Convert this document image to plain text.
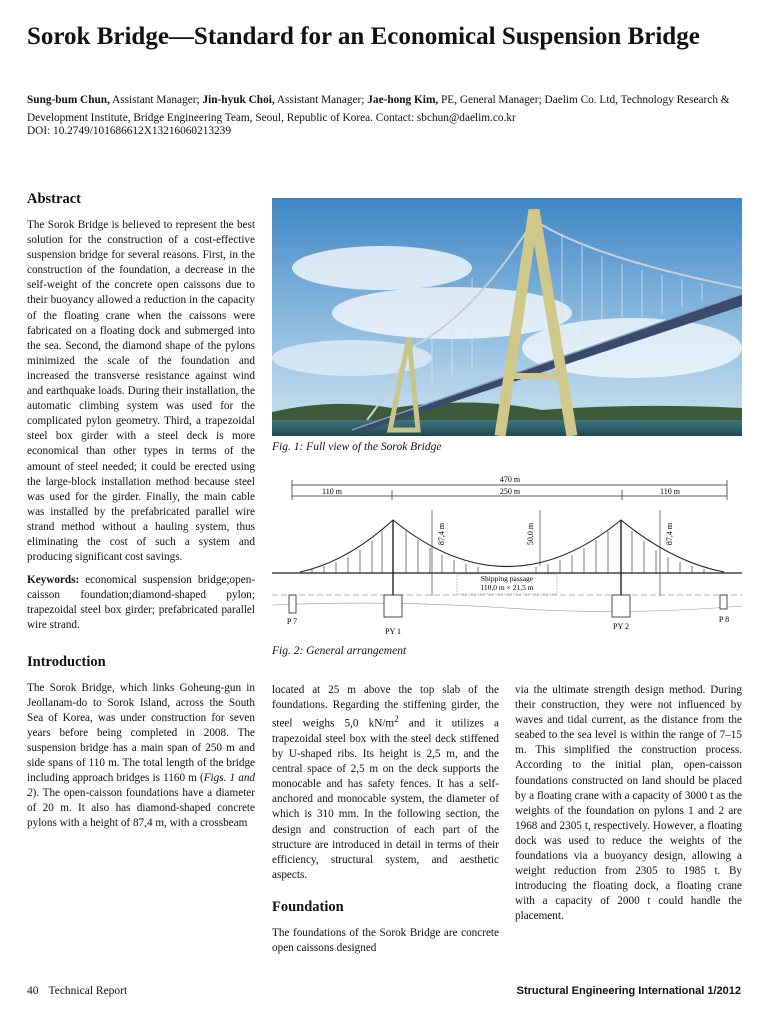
Sorok Bridge—Standard for an Economical Suspension Bridge
Sung-bum Chun, Assistant Manager; Jin-hyuk Choi, Assistant Manager; Jae-hong Kim, PE, General Manager; Daelim Co. Ltd, Technology Research & Development Institute, Bridge Engineering Team, Seoul, Republic of Korea. Contact: sbchun@daelim.co.kr
DOI: 10.2749/101686612X13216060213239
Abstract

The Sorok Bridge is believed to represent the best solution for the construction of a cost-effective suspension bridge for several reasons. First, in the construction of the foundation, a decrease in the self-weight of the concrete open caissons due to their buoyancy allowed a reduction in the capacity of the floating crane when the caissons were fabricated on a floating dock and submerged into the sea. Second, the diamond shape of the pylons minimized the scale of the foundation and increased the transverse resistance against wind and earthquake loads. During their installation, the automatic climbing system was used for the complicated pylon geometry. Third, a trapezoidal steel box girder with a steel deck is more economical than other types in terms of the amount of steel needed; it could be erected using the large-block installation method because steel was used for the girder. Finally, the main cable was installed by the prefabricated parallel wire strand method without a hauling system, thus eliminating the cost of such a system and producing significant cost savings.

Keywords: economical suspension bridge;open-caisson foundation;diamond-shaped pylon; trapezoidal steel box girder; prefabricated parallel wire strand.

Introduction

The Sorok Bridge, which links Goheung-gun in Jeollanam-do to Sorok Island, across the South Sea of Korea, was under construction for seven years before being completed in 2008. The suspension bridge has a main span of 250 m and side spans of 110 m. The total length of the bridge including approach bridges is 1160 m (Figs. 1 and 2). The open-caisson foundations have a diameter of 20 m. It also has diamond-shaped concrete pylons with a height of 87,4 m, with a crossbeam

Fig. 1: Full view of the Sorok Bridge
470 m
110 m	250 m	110 m
87,4 m	50,0 m	87,4 m
Shipping passage
110,0 m × 21,5 m
P 7
PY 1
PY 2
P 8
Fig. 2: General arrangement

located at 25 m above the top slab of the foundations. Regarding the stiffening girder, the steel weighs 5,0 $kN/m^2$ and it utilizes a trapezoidal steel box with the steel deck stiffened by U-shaped ribs. Its height is 2,5 m, and the central space of 2,5 m on the deck supports the monocable and has safety fences. It has a self-anchored and monocable system, the diameter of which is 310 mm. In the following section, the design and construction of each part of the structure are introduced in detail in terms of their efficiency, structural system, and aesthetic aspects.

Foundation

The foundations of the Sorok Bridge are concrete open caissons designed

via the ultimate strength design method. During their construction, they were not influenced by waves and tidal current, as the distance from the seabed to the sea level is within the range of 7–15 m. This simplified the construction process. According to the initial plan, open-caisson foundations constructed on land should be placed by a floating crane with a capacity of 3000 t as the weights of the foundation on pylons 1 and 2 are 1968 and 2305 t, respectively. However, a floating dock was used to reduce the weights of the foundations via a buoyancy design, allowing a weight reduction from 2305 to 1985 t. By introducing the floating dock, a floating crane with a capacity of 2000 t could handle the placement.

40 Technical Report	Structural Engineering International 1/2012
